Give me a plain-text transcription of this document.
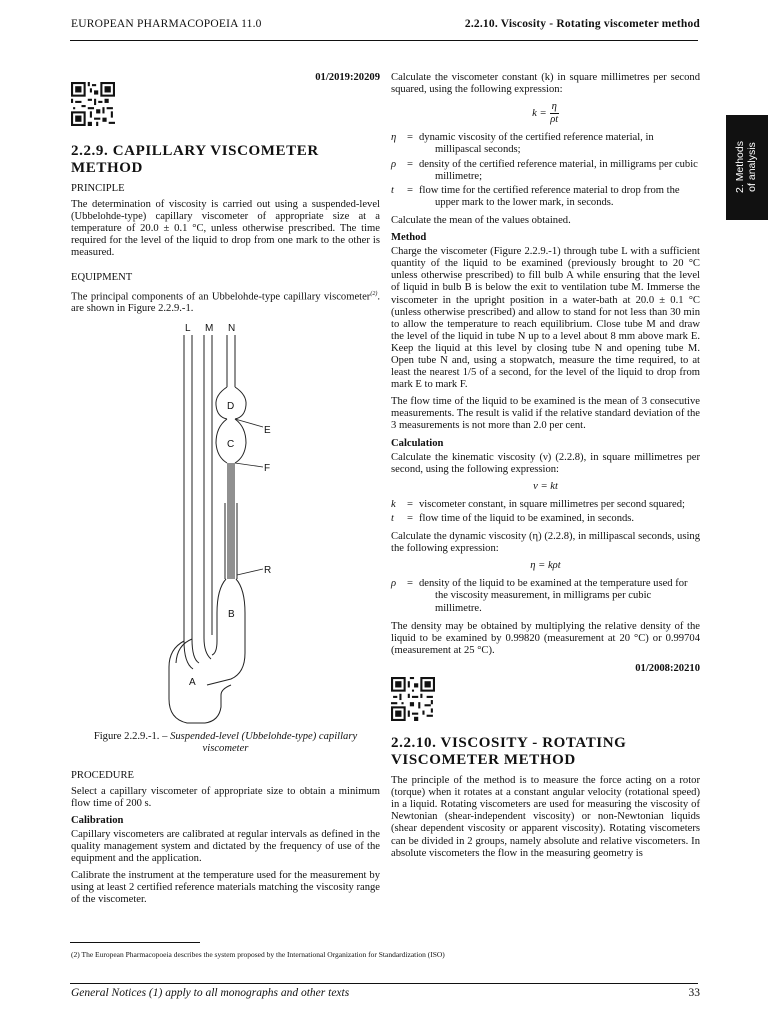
EUROPEAN PHARMACOPOEIA 11.0	2.2.10. Viscosity - Rotating viscometer method
2. Methods of analysis
01/2019:20209
2.2.9. CAPILLARY VISCOMETER METHOD
PRINCIPLE

The determination of viscosity is carried out using a suspended-level (Ubbelohde-type) capillary viscometer of appropriate size at a temperature of 20.0 ± 0.1 °C, unless otherwise prescribed. The time required for the level of the liquid to drop from one mark to the other is measured.

EQUIPMENT

The principal components of an Ubbelohde-type capillary viscometer$^{(2)}$. are shown in Figure 2.2.9.-1.

L M N
D
E
C
F
R
B
A
Figure 2.2.9.-1. – Suspended-level (Ubbelohde-type) capillary viscometer
PROCEDURE

Select a capillary viscometer of appropriate size to obtain a minimum flow time of 200 s.

Calibration

Capillary viscometers are calibrated at regular intervals as defined in the quality management system and dictated by the frequency of use of the equipment and the application.

Calibrate the instrument at the temperature used for the measurement by using at least 2 certified reference materials matching the viscosity range of the viscometer.

Calculate the viscometer constant (k) in square millimetres per second squared, using the following expression:

$k = \frac{\eta}{\rho t}$
η	= dynamic viscosity of the certified reference material, in millipascal seconds;
ρ	= density of the certified reference material, in milligrams per cubic millimetre;
t	= flow time for the certified reference material to drop from the upper mark to the lower mark, in seconds.

Calculate the mean of the values obtained.

Method

Charge the viscometer (Figure 2.2.9.-1) through tube L with a sufficient quantity of the liquid to be examined (previously brought to 20 °C unless otherwise prescribed) to fill bulb A while ensuring that the level of liquid in bulb B is below the exit to ventilation tube M. Immerse the viscometer in the upright position in a water-bath at 20.0 ± 0.1 °C (unless otherwise prescribed) and allow to stand for not less than 30 min to allow the temperature to reach equilibrium. Close tube M and draw the level of the liquid in tube N up to a level about 8 mm above mark E. Keep the liquid at this level by closing tube N and opening tube M. Open tube N and, using a stopwatch, measure the time required, to at least the nearest 1/5 of a second, for the level of the liquid to drop from mark E to mark F.

The flow time of the liquid to be examined is the mean of 3 consecutive measurements. The result is valid if the relative standard deviation of the 3 measurements is not more than 2.0 per cent.

Calculation

Calculate the kinematic viscosity (ν) (2.2.8), in square millimetres per second, using the following expression:

ν = kt
k	= viscometer constant, in square millimetres per second squared;
t	= flow time of the liquid to be examined, in seconds.

Calculate the dynamic viscosity (η) (2.2.8), in millipascal seconds, using the following expression:

η = kρt
ρ	= density of the liquid to be examined at the temperature used for the viscosity measurement, in milligrams per cubic millimetre.

The density may be obtained by multiplying the relative density of the liquid to be examined by 0.99820 (measurement at 20 °C) or 0.99704 (measurement at 25 °C).

01/2008:20210
2.2.10. VISCOSITY - ROTATING VISCOMETER METHOD

The principle of the method is to measure the force acting on a rotor (torque) when it rotates at a constant angular velocity (rotational speed) in a liquid. Rotating viscometers are used for measuring the viscosity of Newtonian (shear-independent viscosity) or non-Newtonian liquids (shear dependent viscosity or apparent viscosity). Rotating viscometers can be divided in 2 groups, namely absolute and relative viscometers. In absolute viscometers the flow in the measuring geometry is

(2) The European Pharmacopoeia describes the system proposed by the International Organization for Standardization (ISO)
General Notices (1) apply to all monographs and other texts	33
